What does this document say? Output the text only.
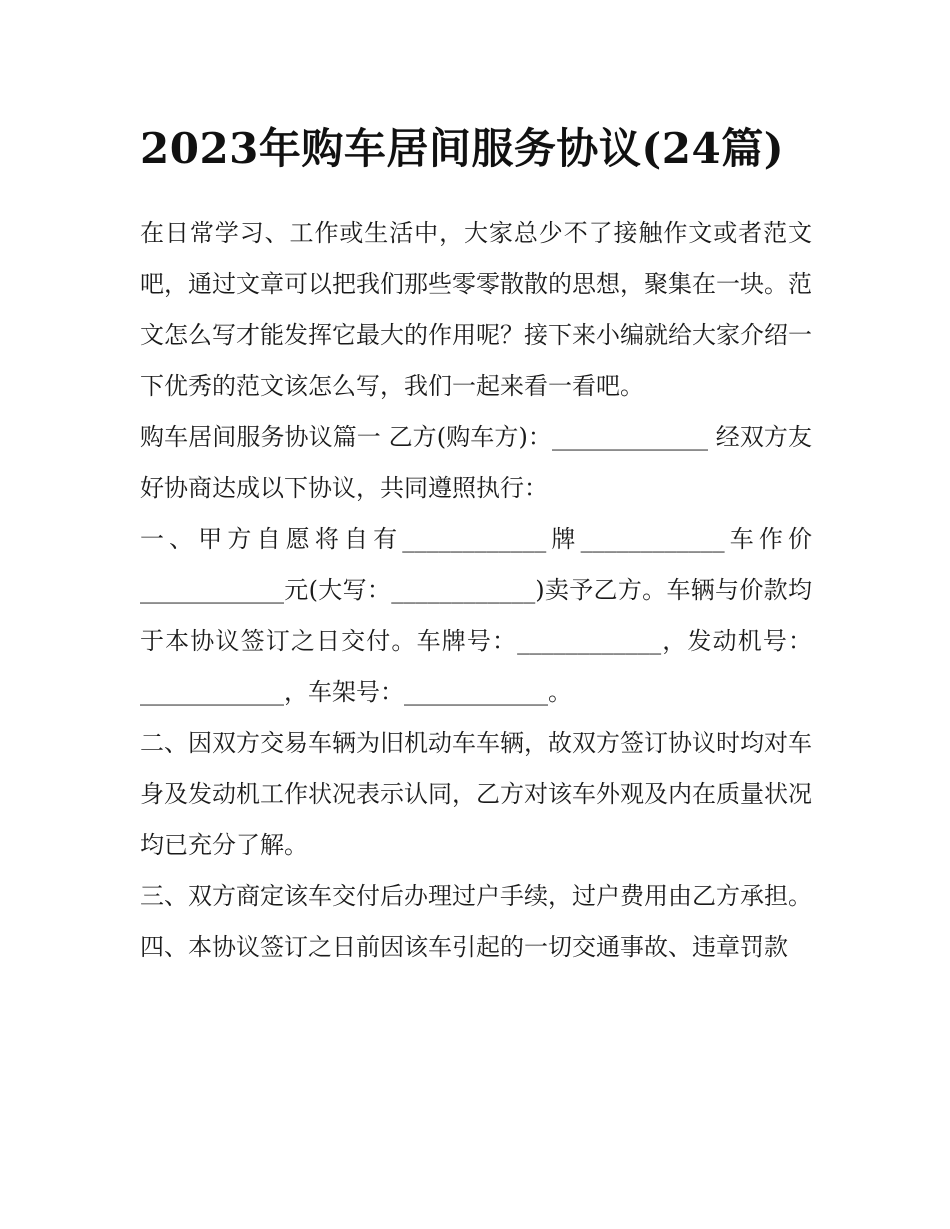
2023年购车居间服务协议(24篇)

在日常学习、工作或生活中，大家总少不了接触作文或者范文吧，通过文章可以把我们那些零零散散的思想，聚集在一块。范文怎么写才能发挥它最大的作用呢？接下来小编就给大家介绍一下优秀的范文该怎么写，我们一起来看一看吧。

购车居间服务协议篇一 乙方(购车方)：_____________ 经双方友好协商达成以下协议，共同遵照执行：

一、甲方自愿将自有____________牌____________车作价____________元(大写：____________)卖予乙方。车辆与价款均于本协议签订之日交付。车牌号：____________，发动机号：____________，车架号：____________。

二、因双方交易车辆为旧机动车车辆，故双方签订协议时均对车身及发动机工作状况表示认同，乙方对该车外观及内在质量状况均已充分了解。

三、双方商定该车交付后办理过户手续，过户费用由乙方承担。

四、本协议签订之日前因该车引起的一切交通事故、违章罚款
